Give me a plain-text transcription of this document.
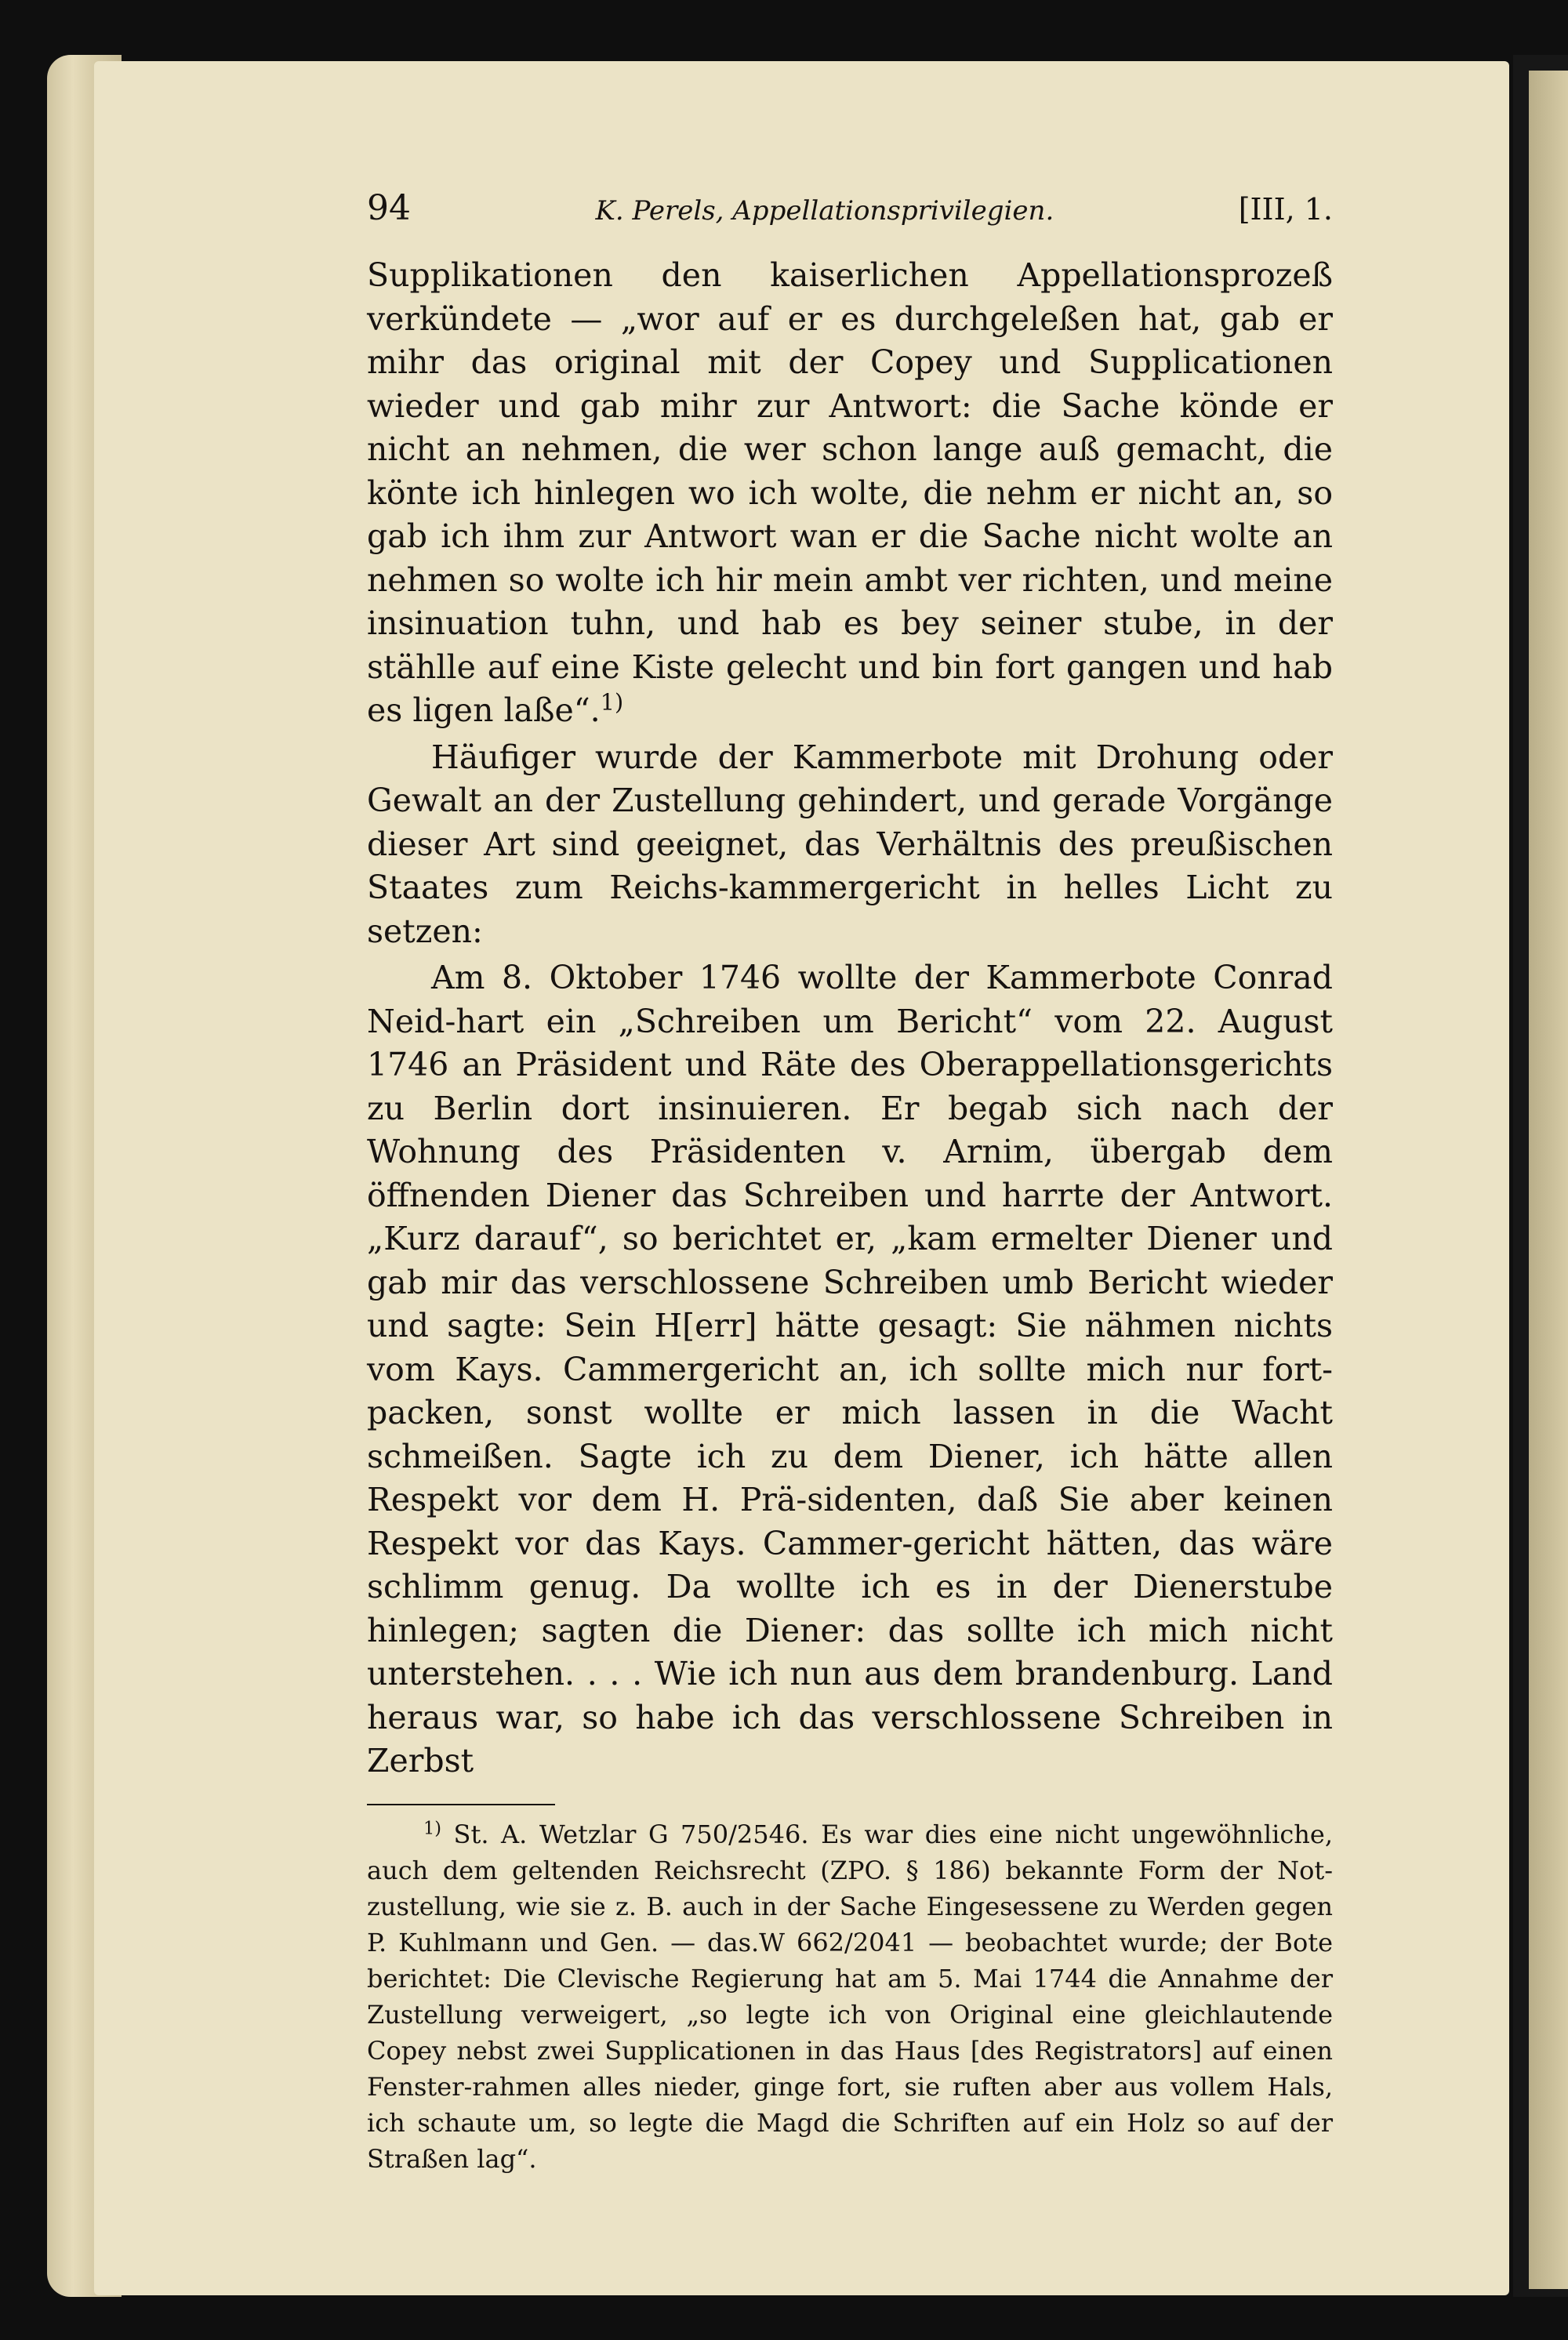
94	K. Perels, Appellationsprivilegien.	[III, 1.

Supplikationen den kaiserlichen Appellationsprozeß verkündete — „wor auf er es durchgeleßen hat, gab er mihr das original mit der Copey und Supplicationen wieder und gab mihr zur Antwort: die Sache könde er nicht an nehmen, die wer schon lange auß gemacht, die könte ich hinlegen wo ich wolte, die nehm er nicht an, so gab ich ihm zur Antwort wan er die Sache nicht wolte an nehmen so wolte ich hir mein ambt ver richten, und meine insinuation tuhn, und hab es bey seiner stube, in der stähllе auf eine Kiste gelecht und bin fort gangen und hab es ligen laße“.$^{1)}$

Häufiger wurde der Kammerbote mit Drohung oder Gewalt an der Zustellung gehindert, und gerade Vorgänge dieser Art sind geeignet, das Verhältnis des preußischen Staates zum Reichs-kammergericht in helles Licht zu setzen:

Am 8. Oktober 1746 wollte der Kammerbote Conrad Neid-hart ein „Schreiben um Bericht“ vom 22. August 1746 an Präsident und Räte des Oberappellationsgerichts zu Berlin dort insinuieren. Er begab sich nach der Wohnung des Präsidenten v. Arnim, übergab dem öffnenden Diener das Schreiben und harrte der Antwort. „Kurz darauf“, so berichtet er, „kam ermelter Diener und gab mir das verschlossene Schreiben umb Bericht wieder und sagte: Sein H[err] hätte gesagt: Sie nähmen nichts vom Kays. Cammergericht an, ich sollte mich nur fort-packen, sonst wollte er mich lassen in die Wacht schmeißen. Sagte ich zu dem Diener, ich hätte allen Respekt vor dem H. Prä-sidenten, daß Sie aber keinen Respekt vor das Kays. Cammer-gericht hätten, das wäre schlimm genug. Da wollte ich es in der Dienerstube hinlegen; sagten die Diener: das sollte ich mich nicht unterstehen. . . . Wie ich nun aus dem brandenburg. Land heraus war, so habe ich das verschlossene Schreiben in Zerbst

$^{1)}$ St. A. Wetzlar G 750/2546. Es war dies eine nicht ungewöhnliche, auch dem geltenden Reichsrecht (ZPO. § 186) bekannte Form der Not-zustellung, wie sie z. B. auch in der Sache Eingesessene zu Werden gegen P. Kuhlmann und Gen. — das.W 662/2041 — beobachtet wurde; der Bote berichtet: Die Clevische Regierung hat am 5. Mai 1744 die Annahme der Zustellung verweigert, „so legte ich von Original eine gleichlautende Copey nebst zwei Supplicationen in das Haus [des Registrators] auf einen Fenster-rahmen alles nieder, ginge fort, sie ruften aber aus vollem Hals, ich schaute um, so legte die Magd die Schriften auf ein Holz so auf der Straßen lag“.
